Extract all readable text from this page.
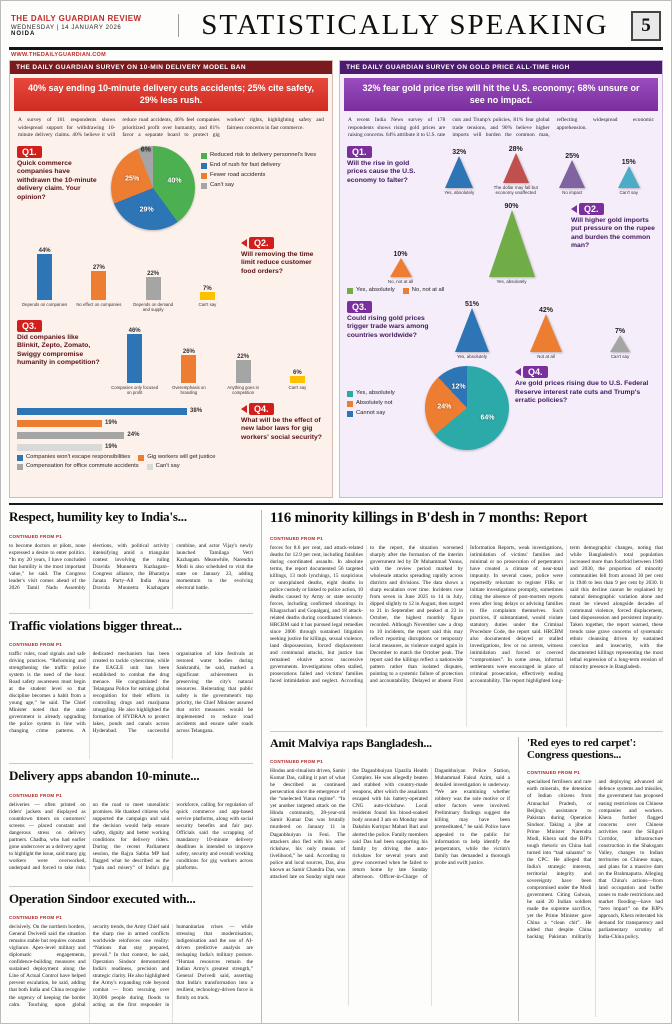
THE DAILY GUARDIAN REVIEW
WEDNESDAY | 14 JANUARY 2026
NOIDA	STATISTICALLY SPEAKING	5
WWW.THEDAILYGUARDIAN.COM
THE DAILY GUARDIAN SURVEY ON 10-MIN DELIVERY MODEL BAN
40% say ending 10-minute delivery cuts accidents; 25% cite safety, 29% less rush.

A survey of 161 respondents shows widespread support for withdrawing 10-minute delivery claims. 40% believe it will reduce road accidents, 46% feel companies prioritized profit over humanity, and 81% favor a separate board to protect gig workers' rights, highlighting safety and fairness concerns in fast commerce.

Q1.
Quick commerce companies have withdrawn the 10-minute delivery claim. Your opinion?
40%
29%
25%
6%
Reduced risk to delivery personnel's lives
End of rush for fast delivery
Fewer road accidents
Can't say
44%
Depends on companies
27%
No effect on companies
22%
Depends on demand and supply
7%
Can't say
Q2.
Will removing the time limit reduce customer food orders?
Q3.
Did companies like Blinkit, Zepto, Zomato, Swiggy compromise humanity in competition?
46%
Companies only focused on profit
26%
Overemphasis on branding
22%
Anything goes in competition
6%
Can't say
38%
19%
24%
19%
Companies won't escape responsibilities	Gig workers will get justice
Compensation for office commute accidents	Can't say
Q4.
What will be the effect of new labor laws for gig workers' social security?
THE DAILY GUARDIAN SURVEY ON GOLD PRICE ALL-TIME HIGH
32% fear gold price rise will hit the U.S. economy; 68% unsure or see no impact.

A recent India News survey of 178 respondents shows rising gold prices are raising concerns. 64% attribute it to U.S. rate cuts and Trump's policies, 81% fear global trade tensions, and 90% believe higher imports will burden the common man, reflecting widespread economic apprehension.

Q1.
Will the rise in gold prices cause the U.S. economy to falter?
32%
Yes, absolutely
28%
The dollar may fall but economy unaffected
25%
No impact
15%
Can't say
10%
No, not at all
90%
Yes, absolutely
Yes, absolutely	No, not at all
Q2.
Will higher gold imports put pressure on the rupee and burden the common man?
Q3.
Could rising gold prices trigger trade wars among countries worldwide?
51%
Yes, absolutely
42%
Not at all
7%
Can't say
Yes, absolutely
Absolutely not
Cannot say
64%
24%
12%
Q4.
Are gold prices rising due to U.S. Federal Reserve interest rate cuts and Trump's erratic policies?
Respect, humility key to India's...
CONTINUED FROM P1
to become doctors or pilots, none expressed a desire to enter politics. “In my 20 years, I have concluded that humility is the most important value,” he said. The Congress leader's visit comes ahead of the 2026 Tamil Nadu Assembly elections, with political activity intensifying amid a triangular contest involving the ruling Dravida Munnetra Kazhagam–Congress alliance, the Bharatiya Janata Party–All India Anna Dravida Munnetra Kazhagam combine, and actor Vijay's newly launched Tamilaga Vetri Kazhagam. Meanwhile, Narendra Modi is also scheduled to visit the state on January 23, adding momentum to the evolving electoral battle.
Traffic violations bigger threat...
CONTINUED FROM P1
traffic rules, road signals and safe driving practices. “Reforming and strengthening the traffic police system is the need of the hour. Road safety awareness must begin at the student level so that discipline becomes a habit from a young age,” he said. The Chief Minister noted that the state government is already upgrading the police system in line with changing crime patterns. A dedicated mechanism has been created to tackle cybercrime, while the EAGLE unit has been established to combat the drug menace. He congratulated the Telangana Police for earning global recognition for their efforts in controlling drugs and marijuana smuggling. He also highlighted the formation of HYDRAA to protect lakes, ponds and canals across Hyderabad. The successful organisation of kite festivals at restored water bodies during Sankranthi, he said, marked a significant achievement in preserving the city's natural resources. Reiterating that public safety is the government's top priority, the Chief Minister assured that strict measures would be implemented to reduce road accidents and ensure safer roads across Telangana.
Delivery apps abandon 10-minute...
CONTINUED FROM P1
deliveries — often printed on riders' jackets and displayed as countdown timers on customers' screens — placed constant and dangerous stress on delivery partners. Chadha, who had earlier gone undercover as a delivery agent to highlight the issue, said many gig workers were overworked, underpaid and forced to take risks on the road to meet unrealistic promises. He thanked citizens who supported the campaign and said the decision would help ensure safety, dignity and better working conditions for delivery riders. During the recent Parliament session, the Rajya Sabha MP had flagged what he described as the “pain and misery” of India's gig workforce, calling for regulation of quick commerce and app-based service platforms, along with social security benefits and fair pay. Officials said the scrapping of mandatory 10-minute delivery deadlines is intended to improve safety, security and overall working conditions for gig workers across platforms.
Operation Sindoor executed with...
CONTINUED FROM P1
decisively. On the northern borders, General Dwivedi said the situation remains stable but requires constant vigilance. Apex-level military and diplomatic engagements, confidence-building measures and sustained deployment along the Line of Actual Control have helped prevent escalation, he said, adding that both India and China recognise the urgency of keeping the border calm. Touching upon global security trends, the Army Chief said the sharp rise in armed conflicts worldwide reinforces one reality: “Nations that stay prepared, prevail.” In that context, he said, Operation Sindoor demonstrated India's readiness, precision and strategic clarity. He also highlighted the Army's expanding role beyond combat — from rescuing over 30,000 people during floods to acting as the first responder in humanitarian crises — while stressing that modernisation, indigenisation and the use of AI-driven predictive analysis are reshaping India's military posture. “Human resources remain the Indian Army's greatest strength,” General Dwivedi said, asserting that India's transformation into a resilient, technology-driven force is firmly on track.
116 minority killings in B'desh in 7 months: Report
CONTINUED FROM P1
forces for 8.6 per cent, and attack-related deaths for 12.9 per cent, including fatalities during coordinated assaults. In absolute terms, the report documented 56 targeted killings, 13 mob lynchings, 15 suspicious or unexplained deaths, eight deaths in police custody or linked to police action, 10 deaths caused by Army or state security forces, including confirmed shootings in Khagrachari and Gopalganj, and 18 attack-related deaths during coordinated violence. HRCBM said it has pursued legal remedies since 2006 through sustained litigation seeking justice for killings, sexual violence, land dispossession, forced displacement and communal attacks, but justice has remained elusive across successive governments. Investigations often stalled, prosecutions failed and victims' families faced intimidation and neglect. According to the report, the situation worsened sharply after the formation of the interim government led by Dr Muhammad Yunus, with the review period marked by wholesale attacks spreading rapidly across districts and divisions. The data shows a sharp escalation over time. Incidents rose from seven in June 2025 to 14 in July, dipped slightly to 12 in August, then surged to 21 in September and peaked at 23 in October, the highest monthly figure recorded. Although November saw a drop to 10 incidents, the report said this may reflect reporting disruptions or temporary local measures, as violence surged again in December to match the October peak. The report said the killings reflect a nationwide pattern rather than isolated disputes, pointing to a systemic failure of protection and accountability. Delayed or absent First Information Reports, weak investigations, intimidation of victims' families and minimal or no prosecution of perpetrators have created a climate of near-total impunity. In several cases, police were reportedly reluctant to register FIRs or initiate investigations promptly, sometimes citing the absence of post-mortem reports even after long delays or advising families to file complaints themselves. Such practices, if substantiated, would violate statutory duties under the Criminal Procedure Code, the report said. HRCBM also documented delayed or stalled investigations, few or no arrests, witness intimidation and forced or coerced “compromises”. In some areas, informal settlements were encouraged in place of criminal prosecution, effectively ending accountability. The report highlighted long-term demographic changes, noting that while Bangladesh's total population increased more than fourfold between 1946 and 2030, the proportion of minority communities fell from around 30 per cent in 1946 to less than 9 per cent by 2030. It said this decline cannot be explained by natural demographic variation alone and must be viewed alongside decades of communal violence, forced displacement, land dispossession and persistent impunity. Taken together, the report warned, these trends raise grave concerns of systematic ethnic cleansing driven by sustained coercion and insecurity, with the documented killings representing the most lethal expression of a long-term erosion of minority presence in Bangladesh.
Amit Malviya raps Bangladesh...
CONTINUED FROM P1
Hindus anti-ritualism driven, Samir Kumar Das, calling it part of what he described as continued persecution since the emergence of the “unelected Yunus regime”. “In yet another targeted attack on the Hindu community, 28-year-old Samir Kumar Das was brutally murdered on January 11 in Daganbhuiyan in Feni. The attackers also fled with his auto-rickshaw, his only means of livelihood,” he said. According to police and local sources, Das, also known as Samir Chandra Das, was attacked late on Sunday night near the Daganbhuiyan Upazila Health Complex. He was allegedly beaten and stabbed with country-made weapons, after which the assailants escaped with his battery-operated CNG auto-rickshaw. Local residents found his blood-soaked body around 3 am on Monday near Dakshin Kurirpur Mahuri Bari and alerted the police. Family members said Das had been supporting his family by driving the auto-rickshaw for several years and grew concerned when he failed to return home by late Sunday afternoon. Officer-in-Charge of Daganbhuiyan Police Station, Muhammad Faisul Azim, said a detailed investigation is underway. “We are examining whether robbery was the sole motive or if other factors were involved. Preliminary findings suggest the killing may have been premeditated,” he said. Police have appealed to the public for information to help identify the perpetrators, while the victim's family has demanded a thorough probe and swift justice.
'Red eyes to red carpet': Congress questions...
CONTINUED FROM P1
specialised fertilisers and rare earth minerals, the detention of Indian citizens from Arunachal Pradesh, or Beijing's assistance to Pakistan during Operation Sindoor. Taking a jibe at Prime Minister Narendra Modi, Khera said the BJP's tough rhetoric on China had turned into “taal salaams” to the CPC. He alleged that India's strategic interests, territorial integrity and sovereignty have been compromised under the Modi government. Citing Galwan, he said 20 Indian soldiers made the supreme sacrifice, yet the Prime Minister gave China a “clean chit”. He added that despite China backing Pakistan militarily and deploying advanced air defence systems and missiles, the government has proposed easing restrictions on Chinese companies and workers. Khera further flagged concerns over Chinese activities near the Siliguri Corridor, infrastructure construction in the Shaksgam Valley, changes to Indian territories on Chinese maps, and plans for a massive dam on the Brahmaputra. Alleging that China's actions—from land occupation and buffer zones to trade restrictions and market flooding—have had “zero impact” on the BJP's approach, Khera reiterated his demand for transparency and parliamentary scrutiny of India-China policy.
